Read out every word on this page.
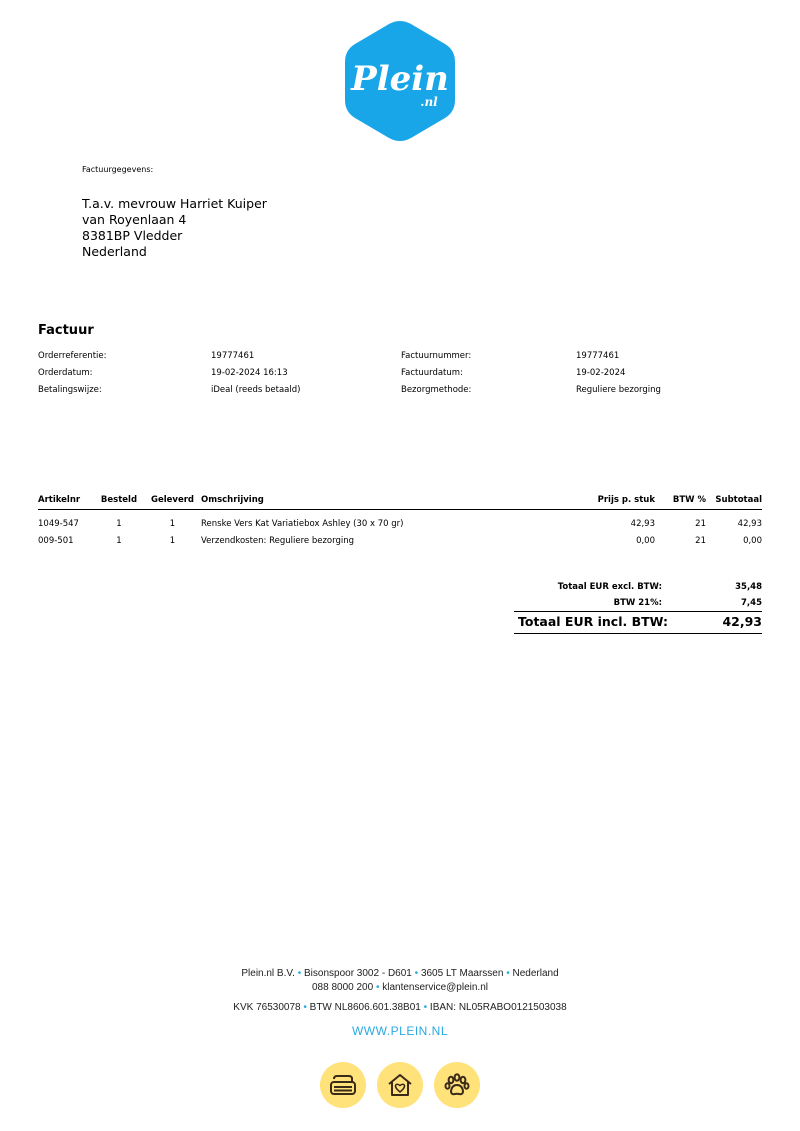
Plein
.nl
Factuurgegevens:
T.a.v. mevrouw Harriet Kuiper
van Royenlaan 4
8381BP Vledder
Nederland
Factuur
Orderreferentie:	19777461
Orderdatum:	19-02-2024 16:13
Betalingswijze:	iDeal (reeds betaald)
Factuurnummer:	19777461
Factuurdatum:	19-02-2024
Bezorgmethode:	Reguliere bezorging
Artikelnr	Besteld	Geleverd	Omschrijving	Prijs p. stuk	BTW %	Subtotaal
1049-547	1	1	Renske Vers Kat Variatiebox Ashley (30 x 70 gr)	42,93	21	42,93
009-501	1	1	Verzendkosten: Reguliere bezorging	0,00	21	0,00
Totaal EUR excl. BTW:	35,48
BTW 21%:	7,45
Totaal EUR incl. BTW:	42,93
Plein.nl B.V. • Bisonspoor 3002 - D601 • 3605 LT Maarssen • Nederland
088 8000 200 • klantenservice@plein.nl
KVK 76530078 • BTW NL8606.601.38B01 • IBAN: NL05RABO0121503038
WWW.PLEIN.NL
